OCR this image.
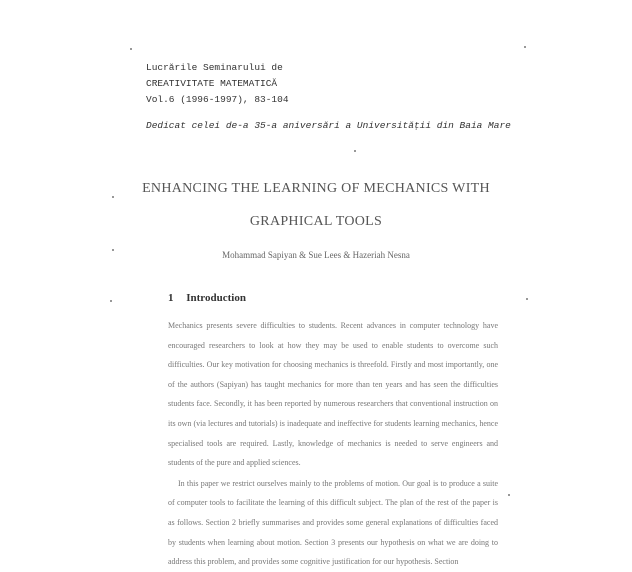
Lucrările Seminarului de
CREATIVITATE MATEMATICĂ
Vol.6 (1996-1997), 83-104
Dedicat celei de-a 35-a aniversări a Universității din Baia Mare
ENHANCING THE LEARNING OF MECHANICS WITH
GRAPHICAL TOOLS
Mohammad Sapiyan & Sue Lees & Hazeriah Nesna
1 Introduction

Mechanics presents severe difficulties to students. Recent advances in computer technology have encouraged researchers to look at how they may be used to enable students to overcome such difficulties. Our key motivation for choosing mechanics is threefold. Firstly and most importantly, one of the authors (Sapiyan) has taught mechanics for more than ten years and has seen the difficulties students face. Secondly, it has been reported by numerous researchers that conventional instruction on its own (via lectures and tutorials) is inadequate and ineffective for students learning mechanics, hence specialised tools are required. Lastly, knowledge of mechanics is needed to serve engineers and students of the pure and applied sciences.

In this paper we restrict ourselves mainly to the problems of motion. Our goal is to produce a suite of computer tools to facilitate the learning of this difficult subject. The plan of the rest of the paper is as follows. Section 2 briefly summarises and provides some general explanations of difficulties faced by students when learning about motion. Section 3 presents our hypothesis on what we are doing to address this problem, and provides some cognitive justification for our hypothesis. Section
